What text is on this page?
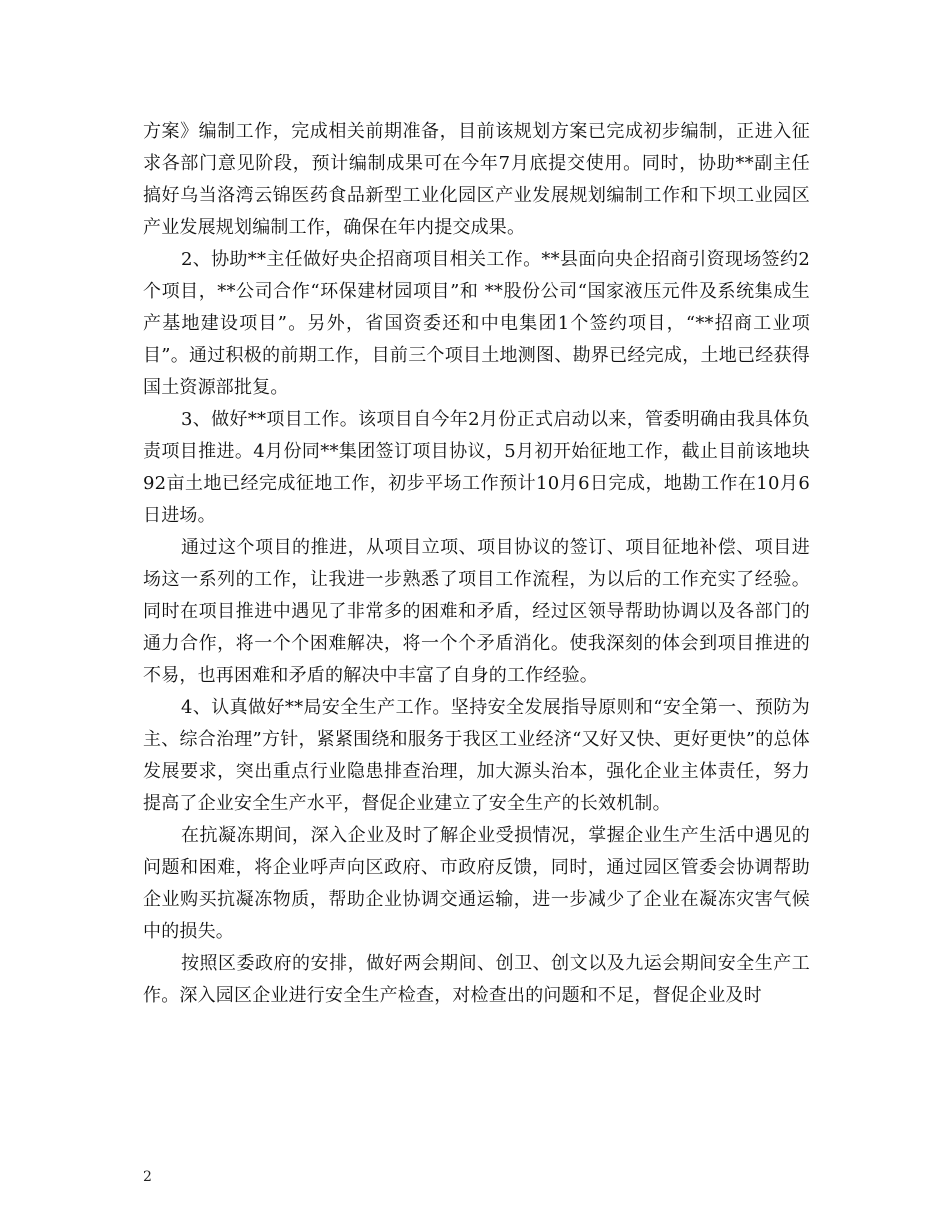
方案》编制工作，完成相关前期准备，目前该规划方案已完成初步编制，正进入征求各部门意见阶段，预计编制成果可在今年7月底提交使用。同时，协助**副主任搞好乌当洛湾云锦医药食品新型工业化园区产业发展规划编制工作和下坝工业园区产业发展规划编制工作，确保在年内提交成果。

2、协助**主任做好央企招商项目相关工作。**县面向央企招商引资现场签约2个项目，**公司合作“环保建材园项目”和 **股份公司“国家液压元件及系统集成生产基地建设项目”。另外，省国资委还和中电集团1个签约项目，“**招商工业项目”。通过积极的前期工作，目前三个项目土地测图、勘界已经完成，土地已经获得国土资源部批复。

3、做好**项目工作。该项目自今年2月份正式启动以来，管委明确由我具体负责项目推进。4月份同**集团签订项目协议，5月初开始征地工作，截止目前该地块92亩土地已经完成征地工作，初步平场工作预计10月6日完成，地勘工作在10月6日进场。

通过这个项目的推进，从项目立项、项目协议的签订、项目征地补偿、项目进场这一系列的工作，让我进一步熟悉了项目工作流程，为以后的工作充实了经验。同时在项目推进中遇见了非常多的困难和矛盾，经过区领导帮助协调以及各部门的通力合作，将一个个困难解决，将一个个矛盾消化。使我深刻的体会到项目推进的不易，也再困难和矛盾的解决中丰富了自身的工作经验。

4、认真做好**局安全生产工作。坚持安全发展指导原则和“安全第一、预防为主、综合治理”方针，紧紧围绕和服务于我区工业经济“又好又快、更好更快”的总体发展要求，突出重点行业隐患排查治理，加大源头治本，强化企业主体责任，努力提高了企业安全生产水平，督促企业建立了安全生产的长效机制。

在抗凝冻期间，深入企业及时了解企业受损情况，掌握企业生产生活中遇见的问题和困难，将企业呼声向区政府、市政府反馈，同时，通过园区管委会协调帮助企业购买抗凝冻物质，帮助企业协调交通运输，进一步减少了企业在凝冻灾害气候中的损失。

按照区委政府的安排，做好两会期间、创卫、创文以及九运会期间安全生产工作。深入园区企业进行安全生产检查，对检查出的问题和不足，督促企业及时

2
